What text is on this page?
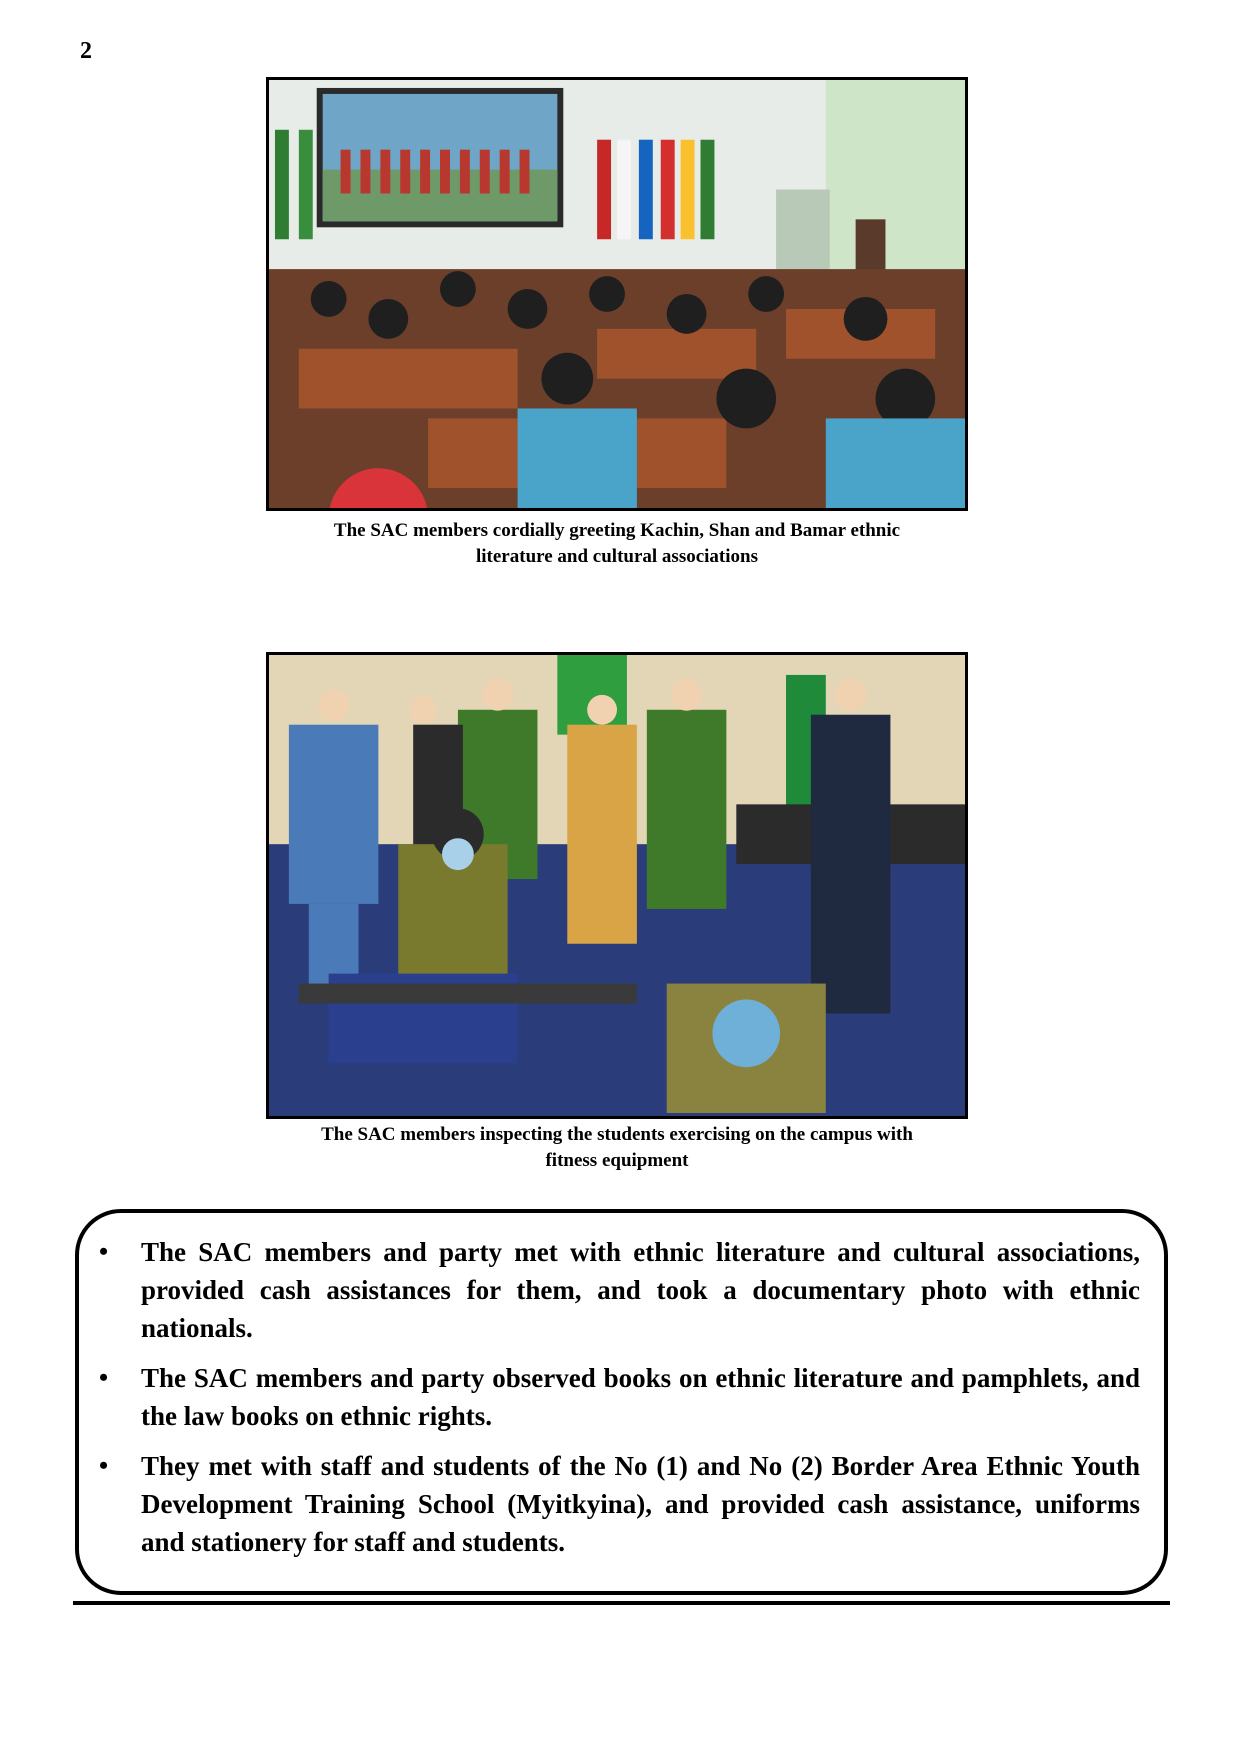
2
The SAC members cordially greeting Kachin, Shan and Bamar ethnic
literature and cultural associations
The SAC members inspecting the students exercising on the campus with
fitness equipment
• The SAC members and party met with ethnic literature and cultural associations, provided cash assistances for them, and took a documentary photo with ethnic nationals.
• The SAC members and party observed books on ethnic literature and pamphlets, and the law books on ethnic rights.
• They met with staff and students of the No (1) and No (2) Border Area Ethnic Youth Development Training School (Myitkyina), and provided cash assistance, uniforms and stationery for staff and students.
